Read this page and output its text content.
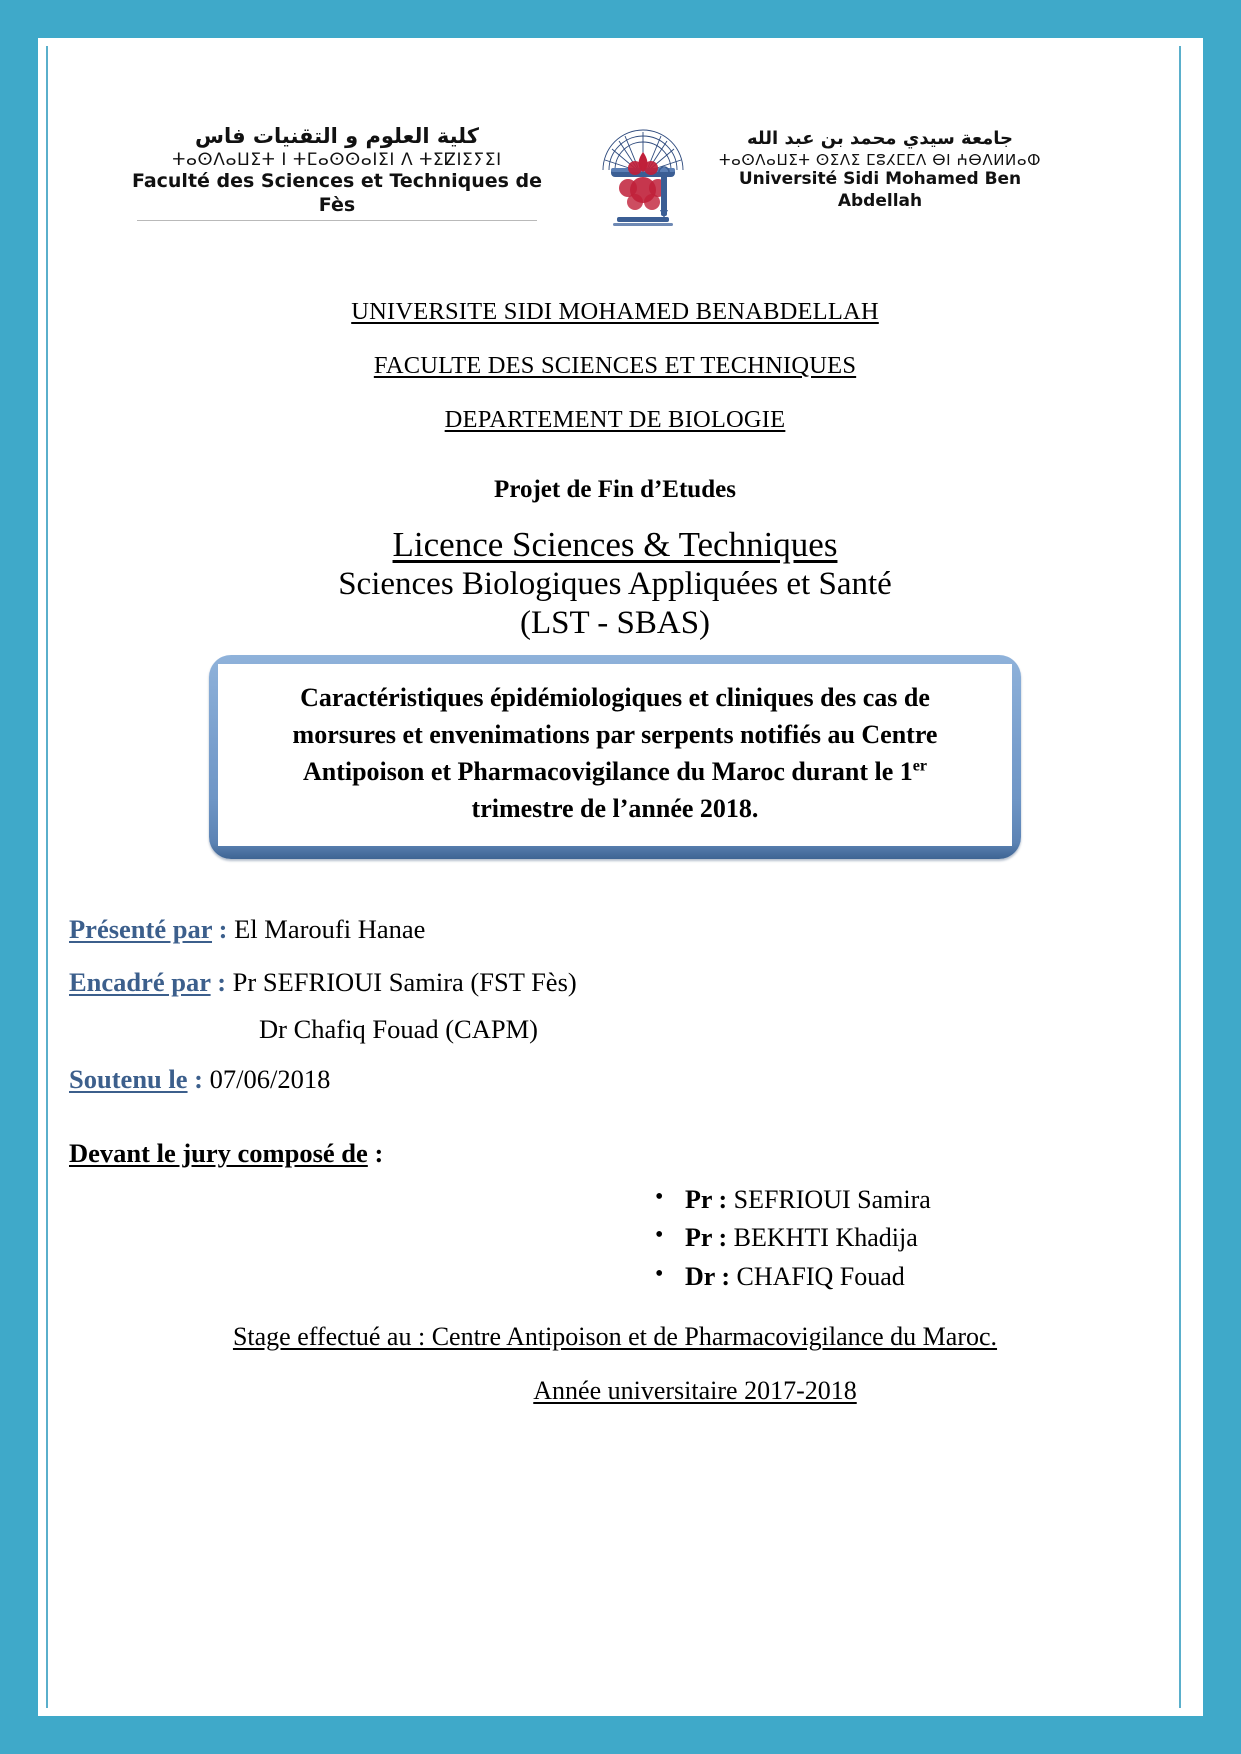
كلية العلوم و التقنيات فاس
ⵜⴰⵙⴷⴰⵡⵉⵜ ⵏ ⵜⵎⴰⵙⵙⴰⵏⵉⵏ ⴷ ⵜⵉⵇⵏⵉⵢⵉⵏ
Faculté des Sciences et Techniques de Fès
جامعة سيدي محمد بن عبد الله
ⵜⴰⵙⴷⴰⵡⵉⵜ ⵙⵉⴷⵉ ⵎⵓⵃⵎⵎⴷ ⴱⵏ ⵄⴱⴷⵍⵍⴰⵀ
Université Sidi Mohamed Ben Abdellah
UNIVERSITE SIDI MOHAMED BENABDELLAH
FACULTE DES SCIENCES ET TECHNIQUES
DEPARTEMENT DE BIOLOGIE
Projet de Fin d’Etudes
Licence Sciences & Techniques
Sciences Biologiques Appliquées et Santé
(LST - SBAS)
Caractéristiques épidémiologiques et cliniques des cas de
morsures et envenimations par serpents notifiés au Centre
Antipoison et Pharmacovigilance du Maroc durant le 1er
trimestre de l’année 2018.
Présenté par : El Maroufi Hanae
Encadré par : Pr SEFRIOUI Samira (FST Fès)
Dr Chafiq Fouad (CAPM)
Soutenu le : 07/06/2018
Devant le jury composé de :
• Pr : SEFRIOUI Samira
• Pr : BEKHTI Khadija
• Dr : CHAFIQ Fouad
Stage effectué au : Centre Antipoison et de Pharmacovigilance du Maroc.
Année universitaire 2017-2018
